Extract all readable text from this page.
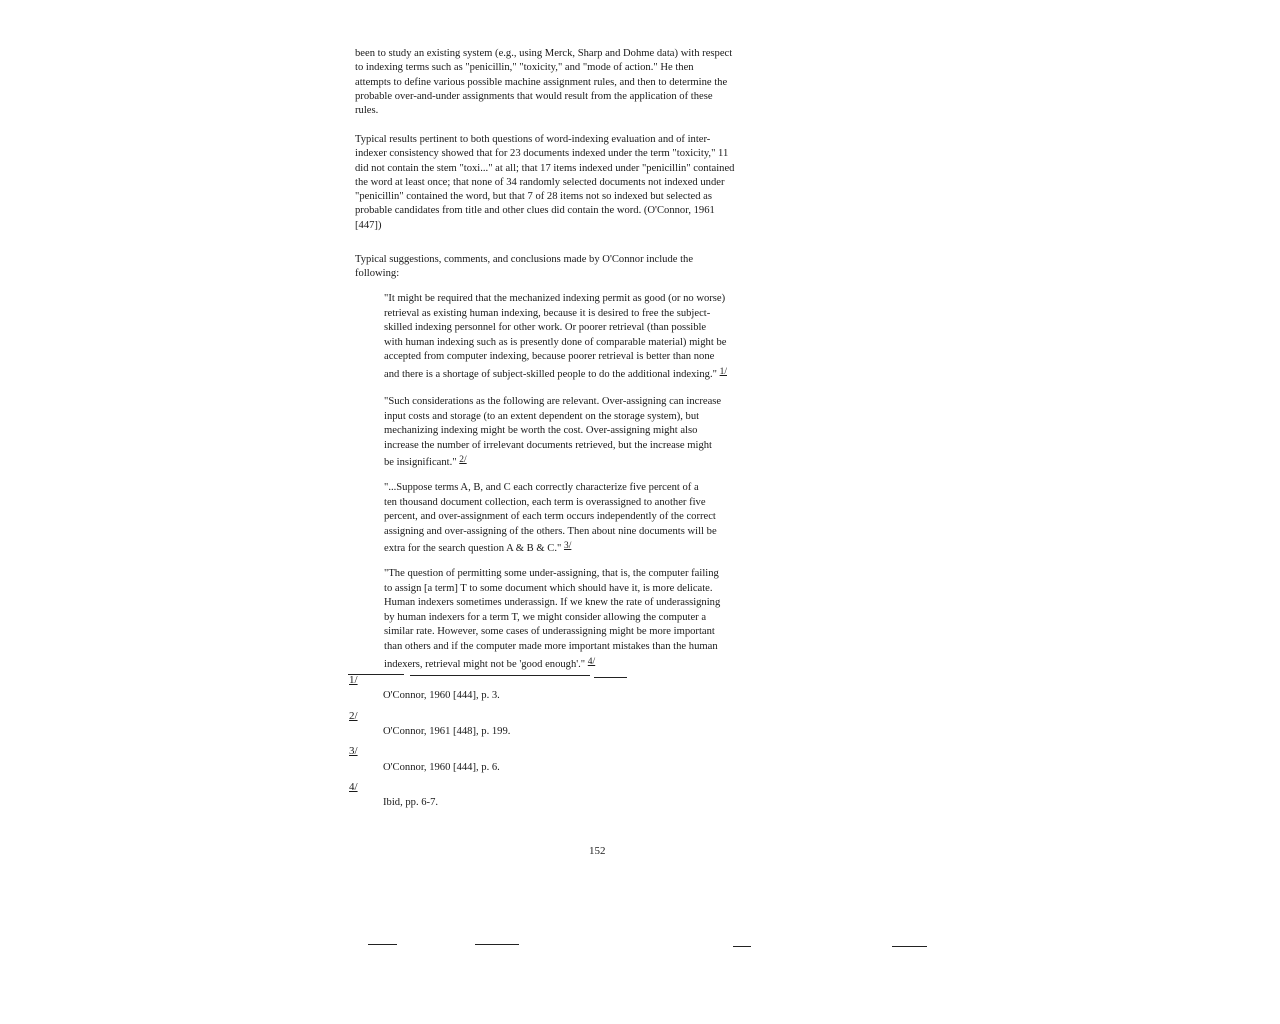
been to study an existing system (e.g., using Merck, Sharp and Dohme data) with respect
to indexing terms such as "penicillin," "toxicity," and "mode of action." He then
attempts to define various possible machine assignment rules, and then to determine the
probable over-and-under assignments that would result from the application of these
rules.

Typical results pertinent to both questions of word-indexing evaluation and of inter-
indexer consistency showed that for 23 documents indexed under the term "toxicity," 11
did not contain the stem "toxi..." at all; that 17 items indexed under "penicillin" contained
the word at least once; that none of 34 randomly selected documents not indexed under
"penicillin" contained the word, but that 7 of 28 items not so indexed but selected as
probable candidates from title and other clues did contain the word. (O'Connor, 1961
[447])

Typical suggestions, comments, and conclusions made by O'Connor include the
following:

"It might be required that the mechanized indexing permit as good (or no worse)
retrieval as existing human indexing, because it is desired to free the subject-
skilled indexing personnel for other work. Or poorer retrieval (than possible
with human indexing such as is presently done of comparable material) might be
accepted from computer indexing, because poorer retrieval is better than none
and there is a shortage of subject-skilled people to do the additional indexing." 1/
"Such considerations as the following are relevant. Over-assigning can increase
input costs and storage (to an extent dependent on the storage system), but
mechanizing indexing might be worth the cost. Over-assigning might also
increase the number of irrelevant documents retrieved, but the increase might
be insignificant." 2/
"...Suppose terms A, B, and C each correctly characterize five percent of a
ten thousand document collection, each term is overassigned to another five
percent, and over-assignment of each term occurs independently of the correct
assigning and over-assigning of the others. Then about nine documents will be
extra for the search question A & B & C." 3/
"The question of permitting some under-assigning, that is, the computer failing
to assign [a term] T to some document which should have it, is more delicate.
Human indexers sometimes underassign. If we knew the rate of underassigning
by human indexers for a term T, we might consider allowing the computer a
similar rate. However, some cases of underassigning might be more important
than others and if the computer made more important mistakes than the human
indexers, retrieval might not be 'good enough'." 4/
1/
O'Connor, 1960 [444], p. 3.
2/
O'Connor, 1961 [448], p. 199.
3/
O'Connor, 1960 [444], p. 6.
4/
Ibid, pp. 6-7.
152
